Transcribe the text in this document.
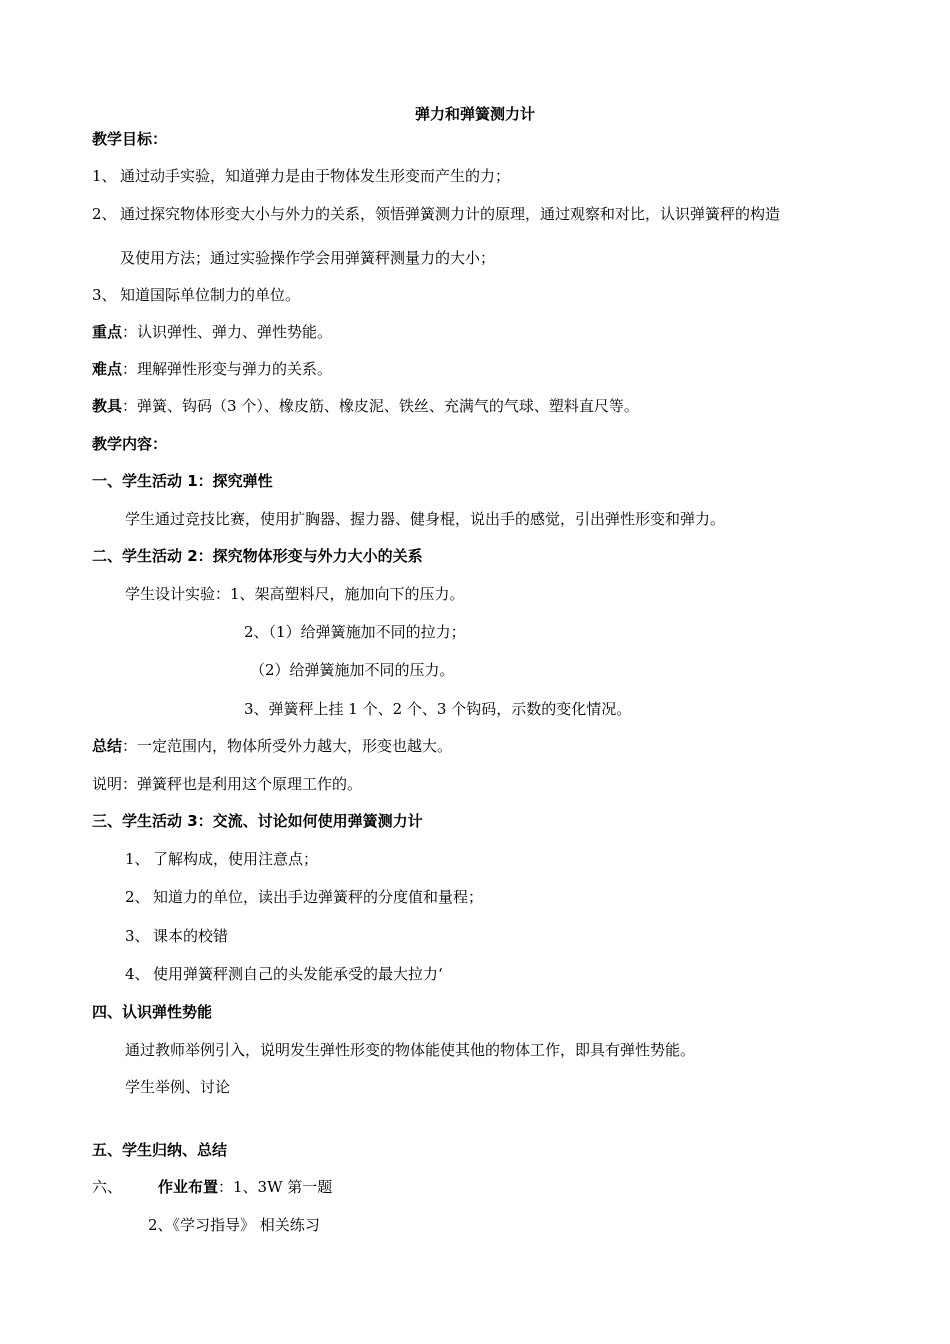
弹力和弹簧测力计
教学目标：
1、 通过动手实验，知道弹力是由于物体发生形变而产生的力；
2、 通过探究物体形变大小与外力的关系，领悟弹簧测力计的原理，通过观察和对比，认识弹簧秤的构造
及使用方法；通过实验操作学会用弹簧秤测量力的大小；
3、 知道国际单位制力的单位。
重点：认识弹性、弹力、弹性势能。
难点：理解弹性形变与弹力的关系。
教具：弹簧、钩码（3 个）、橡皮筋、橡皮泥、铁丝、充满气的气球、塑料直尺等。
教学内容：
一、学生活动 1：探究弹性
学生通过竞技比赛，使用扩胸器、握力器、健身棍，说出手的感觉，引出弹性形变和弹力。
二、学生活动 2：探究物体形变与外力大小的关系
学生设计实验：1、架高塑料尺，施加向下的压力。
2、（1）给弹簧施加不同的拉力；
（2）给弹簧施加不同的压力。
3、弹簧秤上挂 1 个、2 个、3 个钩码，示数的变化情况。
总结：一定范围内，物体所受外力越大，形变也越大。
说明：弹簧秤也是利用这个原理工作的。
三、学生活动 3：交流、讨论如何使用弹簧测力计
1、 了解构成，使用注意点；
2、 知道力的单位，读出手边弹簧秤的分度值和量程；
3、 课本的校错
4、 使用弹簧秤测自己的头发能承受的最大拉力‘
四、认识弹性势能
通过教师举例引入，说明发生弹性形变的物体能使其他的物体工作，即具有弹性势能。
学生举例、讨论
五、学生归纳、总结
六、 作业布置：1、3W 第一题
2、《学习指导》 相关练习
